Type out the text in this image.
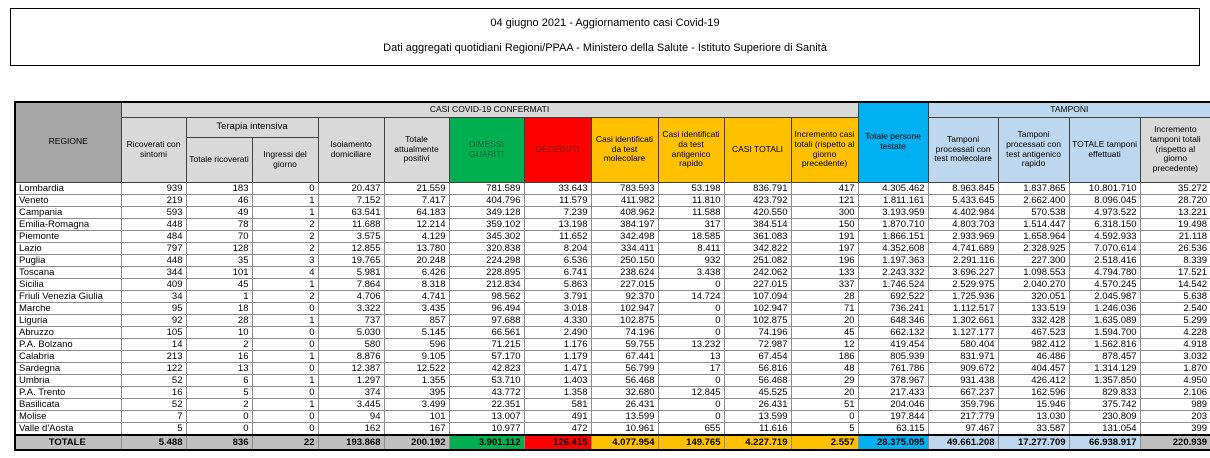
04 giugno 2021 - Aggiornamento casi Covid-19
Dati aggregati quotidiani Regioni/PPAA - Ministero della Salute - Istituto Superiore di Sanità
REGIONE	CASI COVID-19 CONFERMATI											Totale persone testate	TAMPONI			
	Ricoverati con sintomi	Terapia intensiva		Isolamento domiciliare	Totale attualmente positivi	DIMESSI GUARITI	DECEDUTI	Casi identificati da test molecolare	Casi identificati da test antigenico rapido	CASI TOTALI	Incremento casi totali (rispetto al giorno precedente)		Tamponi processati con test molecolare	Tamponi processati con test antigenico rapido	TOTALE tamponi effettuati	Incremento tamponi totali (rispetto al giorno precedente)
		Totale ricoverati	Ingressi del giorno													
Lombardia	939	183	0	20.437	21.559	781.589	33.643	783.593	53.198	836.791	417	4.305.462	8.963.845	1.837.865	10.801.710	35.272
Veneto	219	46	1	7.152	7.417	404.796	11.579	411.982	11.810	423.792	121	1.811.161	5.433.645	2.662.400	8.096.045	28.720
Campania	593	49	1	63.541	64.183	349.128	7.239	408.962	11.588	420.550	300	3.193.959	4.402.984	570.538	4.973.522	13.221
Emilia-Romagna	448	78	2	11.688	12.214	359.102	13.198	384.197	317	384.514	150	1.870.710	4.803.703	1.514.447	6.318.150	19.498
Piemonte	484	70	2	3.575	4.129	345.302	11.652	342.498	18.585	361.083	191	1.866.151	2.933.969	1.658.964	4.592.933	21.118
Lazio	797	128	2	12.855	13.780	320.838	8.204	334.411	8.411	342.822	197	4.352.608	4.741.689	2.328.925	7.070.614	26.536
Puglia	448	35	3	19.765	20.248	224.298	6.536	250.150	932	251.082	196	1.197.363	2.291.116	227.300	2.518.416	8.339
Toscana	344	101	4	5.981	6.426	228.895	6.741	238.624	3.438	242.062	133	2.243.332	3.696.227	1.098.553	4.794.780	17.521
Sicilia	409	45	1	7.864	8.318	212.834	5.863	227.015	0	227.015	337	1.746.524	2.529.975	2.040.270	4.570.245	14.542
Friuli Venezia Giulia	34	1	2	4.706	4.741	98.562	3.791	92.370	14.724	107.094	28	692.522	1.725.936	320.051	2.045.987	5.638
Marche	95	18	0	3.322	3.435	96.494	3.018	102.947	0	102.947	71	736.241	1.112.517	133.519	1.246.036	2.540
Liguria	92	28	1	737	857	97.688	4.330	102.875	0	102.875	20	648.346	1.302.661	332.428	1.635.089	5.299
Abruzzo	105	10	0	5.030	5.145	66.561	2.490	74.196	0	74.196	45	662.132	1.127.177	467.523	1.594.700	4.228
P.A. Bolzano	14	2	0	580	596	71.215	1.176	59.755	13.232	72.987	12	419.454	580.404	982.412	1.562.816	4.918
Calabria	213	16	1	8.876	9.105	57.170	1.179	67.441	13	67.454	186	805.939	831.971	46.486	878.457	3.032
Sardegna	122	13	0	12.387	12.522	42.823	1.471	56.799	17	56.816	48	761.786	909.672	404.457	1.314.129	1.870
Umbria	52	6	1	1.297	1.355	53.710	1.403	56.468	0	56.468	29	378.967	931.438	426.412	1.357.850	4.950
P.A. Trento	16	5	0	374	395	43.772	1.358	32.680	12.845	45.525	20	217.433	667.237	162.596	829.833	2.106
Basilicata	52	2	1	3.445	3.499	22.351	581	26.431	0	26.431	51	204.046	359.796	15.946	375.742	989
Molise	7	0	0	94	101	13.007	491	13.599	0	13.599	0	197.844	217.779	13.030	230.809	203
Valle d'Aosta	5	0	0	162	167	10.977	472	10.961	655	11.616	5	63.115	97.467	33.587	131.054	399
TOTALE	5.488	836	22	193.868	200.192	3.901.112	126.415	4.077.954	149.765	4.227.719	2.557	28.375.095	49.661.208	17.277.709	66.938.917	220.939
